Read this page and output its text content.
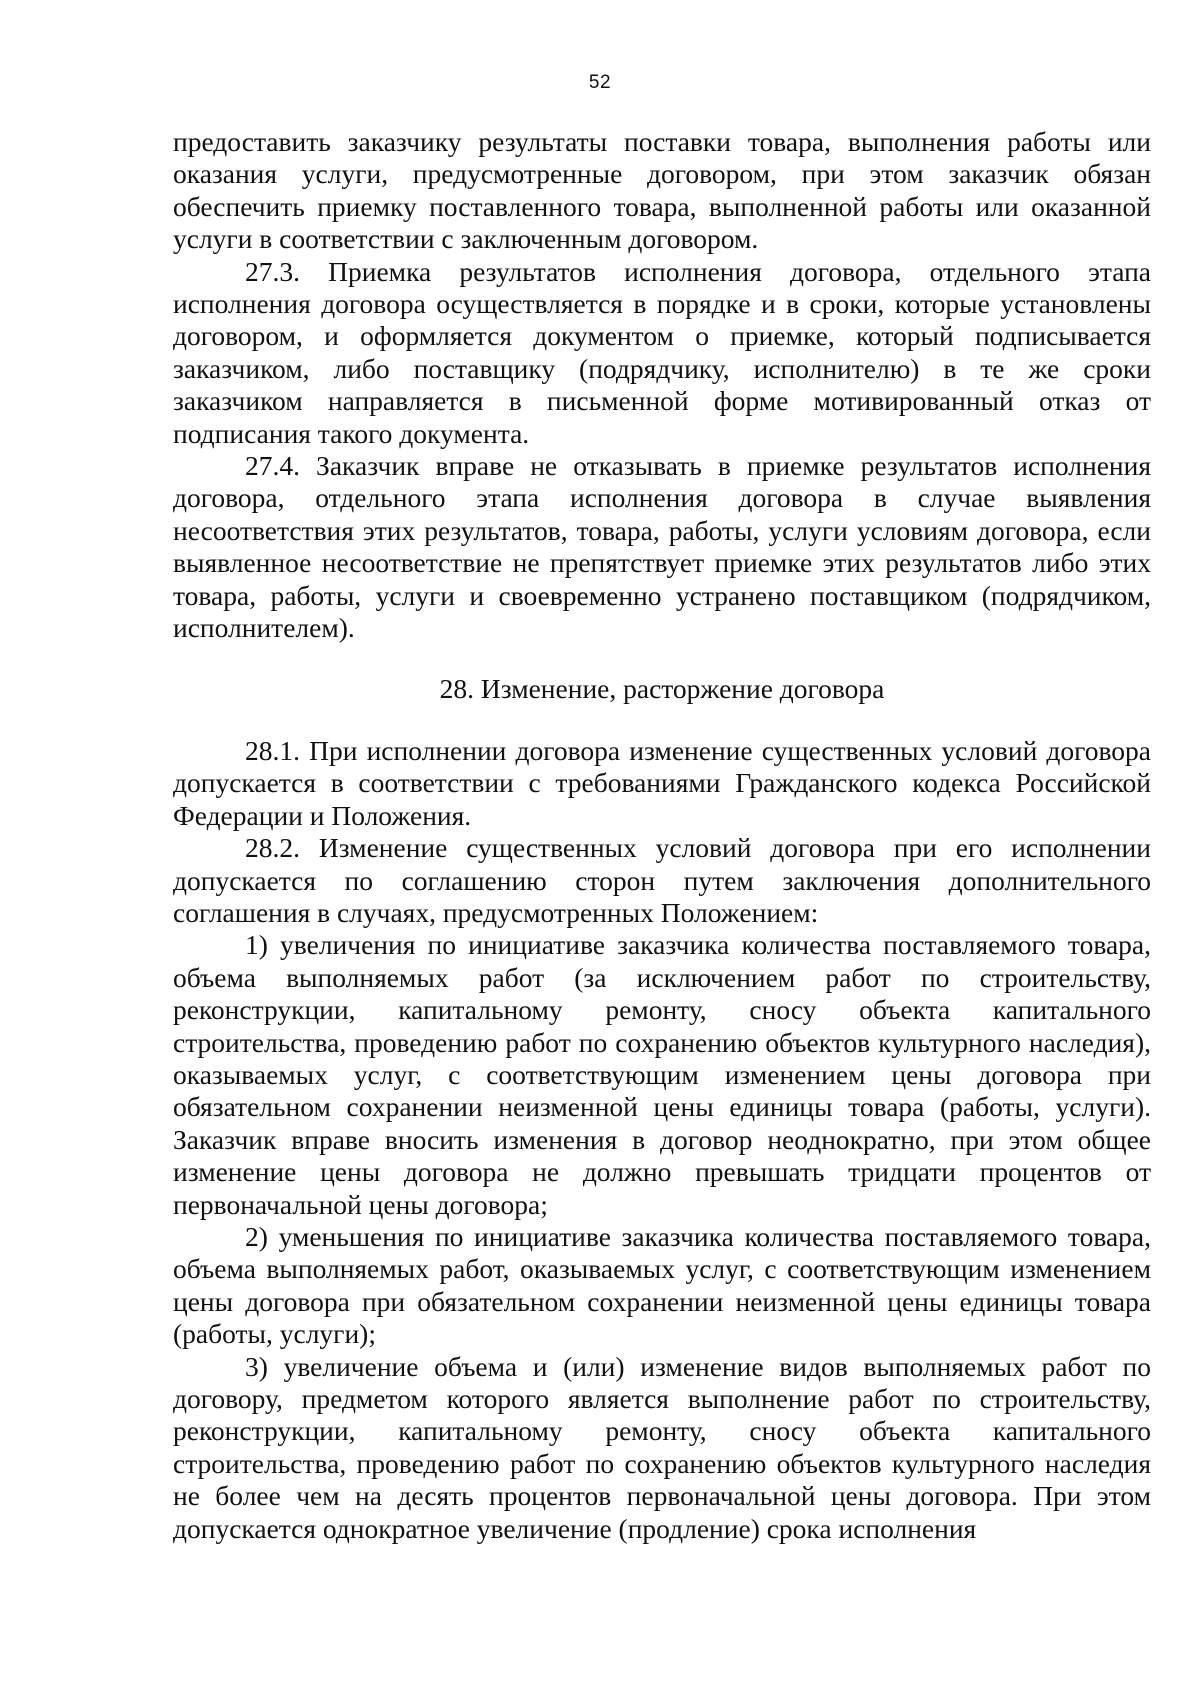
52

предоставить заказчику результаты поставки товара, выполнения работы или оказания услуги, предусмотренные договором, при этом заказчик обязан обеспечить приемку поставленного товара, выполненной работы или оказанной услуги в соответствии с заключенным договором.

27.3. Приемка результатов исполнения договора, отдельного этапа исполнения договора осуществляется в порядке и в сроки, которые установлены договором, и оформляется документом о приемке, который подписывается заказчиком, либо поставщику (подрядчику, исполнителю) в те же сроки заказчиком направляется в письменной форме мотивированный отказ от подписания такого документа.

27.4. Заказчик вправе не отказывать в приемке результатов исполнения договора, отдельного этапа исполнения договора в случае выявления несоответствия этих результатов, товара, работы, услуги условиям договора, если выявленное несоответствие не препятствует приемке этих результатов либо этих товара, работы, услуги и своевременно устранено поставщиком (подрядчиком, исполнителем).

28. Изменение, расторжение договора

28.1. При исполнении договора изменение существенных условий договора допускается в соответствии с требованиями Гражданского кодекса Российской Федерации и Положения.

28.2. Изменение существенных условий договора при его исполнении допускается по соглашению сторон путем заключения дополнительного соглашения в случаях, предусмотренных Положением:

1) увеличения по инициативе заказчика количества поставляемого товара, объема выполняемых работ (за исключением работ по строительству, реконструкции, капитальному ремонту, сносу объекта капитального строительства, проведению работ по сохранению объектов культурного наследия), оказываемых услуг, с соответствующим изменением цены договора при обязательном сохранении неизменной цены единицы товара (работы, услуги). Заказчик вправе вносить изменения в договор неоднократно, при этом общее изменение цены договора не должно превышать тридцати процентов от первоначальной цены договора;

2) уменьшения по инициативе заказчика количества поставляемого товара, объема выполняемых работ, оказываемых услуг, с соответствующим изменением цены договора при обязательном сохранении неизменной цены единицы товара (работы, услуги);

3) увеличение объема и (или) изменение видов выполняемых работ по договору, предметом которого является выполнение работ по строительству, реконструкции, капитальному ремонту, сносу объекта капитального строительства, проведению работ по сохранению объектов культурного наследия не более чем на десять процентов первоначальной цены договора. При этом допускается однократное увеличение (продление) срока исполнения
